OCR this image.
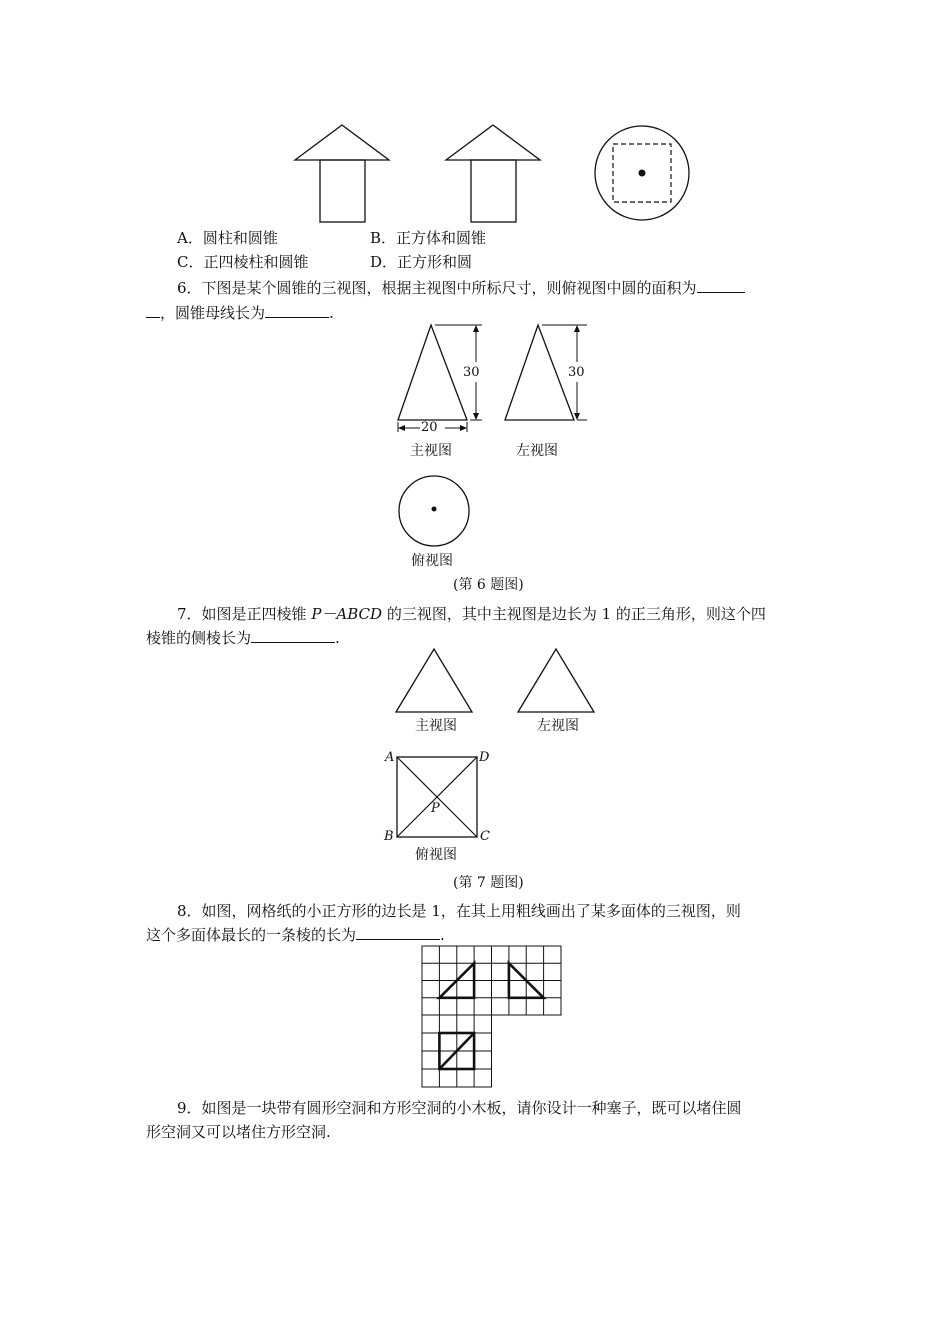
A．圆柱和圆锥	B．正方体和圆锥
C．正四棱柱和圆锥	D．正方形和圆
6．下图是某个圆锥的三视图，根据主视图中所标尺寸，则俯视图中圆的面积为
，圆锥母线长为	.
30
20
30
主视图	左视图
俯视图
(第 6 题图)
7．如图是正四棱锥 P－ABCD 的三视图，其中主视图是边长为 1 的正三角形，则这个四
棱锥的侧棱长为	.
主视图	左视图
A	D
P
B	C
俯视图
(第 7 题图)
8．如图，网格纸的小正方形的边长是 1，在其上用粗线画出了某多面体的三视图，则
这个多面体最长的一条棱的长为	.
9．如图是一块带有圆形空洞和方形空洞的小木板，请你设计一种塞子，既可以堵住圆
形空洞又可以堵住方形空洞.
